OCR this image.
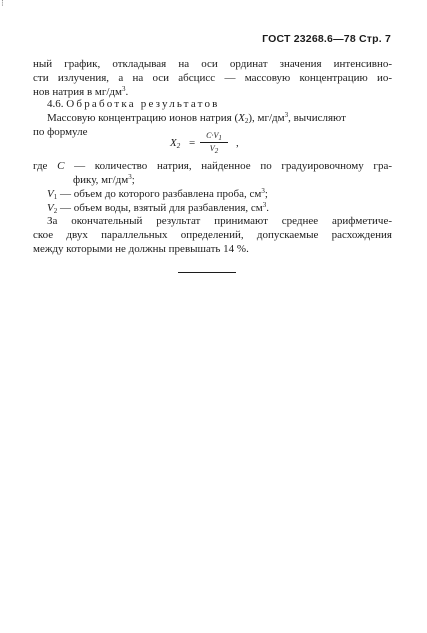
⁝
ГОСТ 23268.6—78 Стр. 7
ный график, откладывая на оси ординат значения интенсивно-
сти излучения, а на оси абсцисс — массовую концентрацию ио-
нов натрия в $мг/дм^3$.
4.6. Обработка результатов
Массовую концентрацию ионов натрия $(X_2)$, $мг/дм^3$, вычисляют
по формуле
$X_2$ =
$C\cdot V_1$
$V_2$
,
где C — количество натрия, найденное по градуировочному гра-
фику, $мг/дм^3$;
$V_1$ — объем до которого разбавлена проба, $см^3$;
$V_2$ — объем воды, взятый для разбавления, $см^3$.
За окончательный результат принимают среднее арифметиче-
ское двух параллельных определений, допускаемые расхождения
между которыми не должны превышать 14 %.
